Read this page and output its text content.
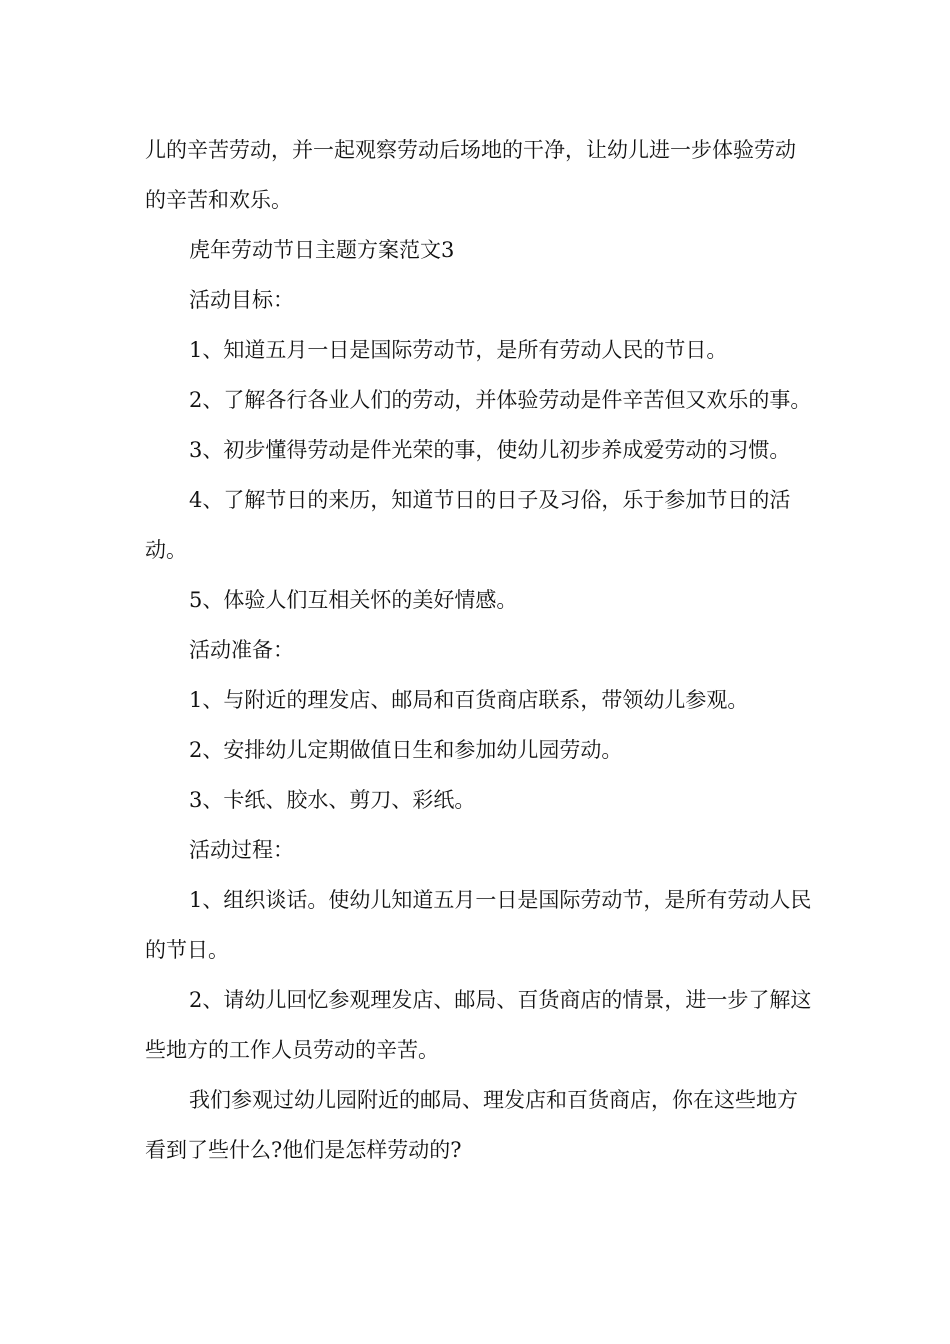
儿的辛苦劳动，并一起观察劳动后场地的干净，让幼儿进一步体验劳动的辛苦和欢乐。

虎年劳动节日主题方案范文3

活动目标：

1、知道五月一日是国际劳动节，是所有劳动人民的节日。

2、了解各行各业人们的劳动，并体验劳动是件辛苦但又欢乐的事。

3、初步懂得劳动是件光荣的事，使幼儿初步养成爱劳动的习惯。

4、了解节日的来历，知道节日的日子及习俗，乐于参加节日的活动。

5、体验人们互相关怀的美好情感。

活动准备：

1、与附近的理发店、邮局和百货商店联系，带领幼儿参观。

2、安排幼儿定期做值日生和参加幼儿园劳动。

3、卡纸、胶水、剪刀、彩纸。

活动过程：

1、组织谈话。使幼儿知道五月一日是国际劳动节，是所有劳动人民的节日。

2、请幼儿回忆参观理发店、邮局、百货商店的情景，进一步了解这些地方的工作人员劳动的辛苦。

我们参观过幼儿园附近的邮局、理发店和百货商店，你在这些地方看到了些什么?他们是怎样劳动的?
